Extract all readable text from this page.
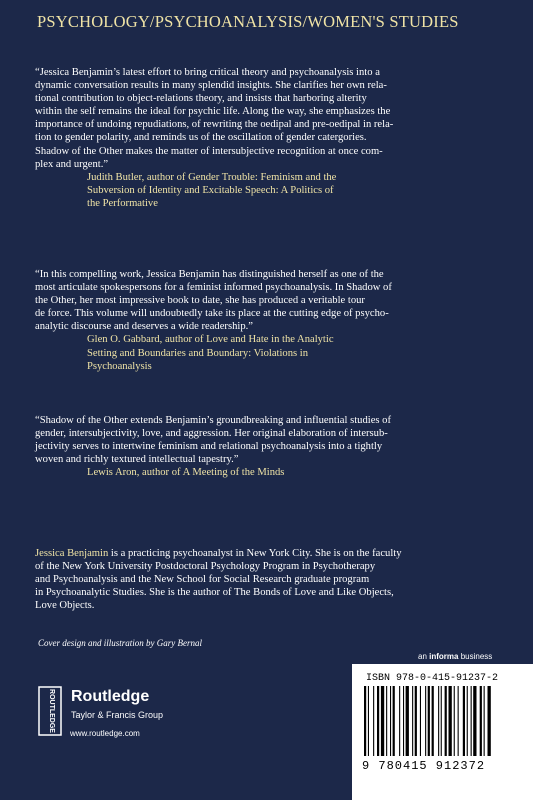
PSYCHOLOGY/PSYCHOANALYSIS/WOMEN'S STUDIES

“Jessica Benjamin’s latest effort to bring critical theory and psychoanalysis into a

dynamic conversation results in many splendid insights. She clarifies her own rela-

tional contribution to object-relations theory, and insists that harboring alterity

within the self remains the ideal for psychic life. Along the way, she emphasizes the

importance of undoing repudiations, of rewriting the oedipal and pre-oedipal in rela-

tion to gender polarity, and reminds us of the oscillation of gender catergories.

Shadow of the Other makes the matter of intersubjective recognition at once com-

plex and urgent.”

Judith Butler, author of Gender Trouble: Feminism and the

Subversion of Identity and Excitable Speech: A Politics of

the Performative

“In this compelling work, Jessica Benjamin has distinguished herself as one of the

most articulate spokespersons for a feminist informed psychoanalysis. In Shadow of

the Other, her most impressive book to date, she has produced a veritable tour

de force. This volume will undoubtedly take its place at the cutting edge of psycho-

analytic discourse and deserves a wide readership.”

Glen O. Gabbard, author of Love and Hate in the Analytic

Setting and Boundaries and Boundary: Violations in

Psychoanalysis

“Shadow of the Other extends Benjamin’s groundbreaking and influential studies of

gender, intersubjectivity, love, and aggression. Her original elaboration of intersub-

jectivity serves to intertwine feminism and relational psychoanalysis into a tightly

woven and richly textured intellectual tapestry.”

Lewis Aron, author of A Meeting of the Minds

Jessica Benjamin is a practicing psychoanalyst in New York City. She is on the faculty

of the New York University Postdoctoral Psychology Program in Psychotherapy

and Psychoanalysis and the New School for Social Research graduate program

in Psychoanalytic Studies. She is the author of The Bonds of Love and Like Objects,

Love Objects.

Cover design and illustration by Gary Bernal
an informa business
ROUTLEDGE Routledge
Taylor & Francis Group
www.routledge.com
ISBN 978-0-415-91237-2
9 780415 912372
